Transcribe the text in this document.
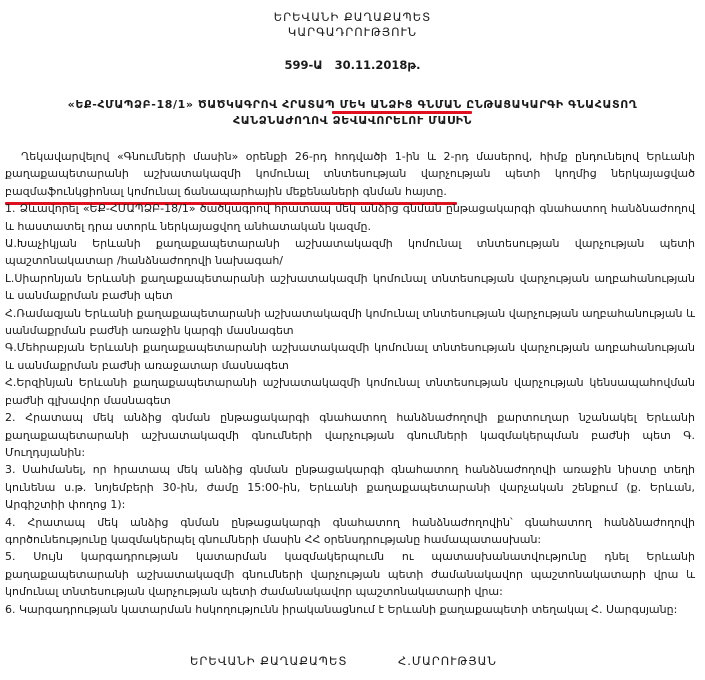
ԵՐԵՎԱՆԻ ՔԱՂԱՔԱՊԵՏ
ԿԱՐԳԱԴՐՈՒԹՅՈՒՆ
599-Ա   30.11.2018թ.
«ԵՔ-ՀՄԱՊՁԲ-18/1» ԾԱԾԿԱԳՐՈՎ ՀՐԱՏԱՊ ՄԵԿ ԱՆՁԻՑ ԳՆՄԱՆ ԸՆԹԱՑԱԿԱՐԳԻ ԳՆԱՀԱՏՈՂ
ՀԱՆՁՆԱԺՈՂՈՎ ՁԵՎԱՎՈՐԵԼՈՒ ՄԱՍԻՆ

Ղեկավարվելով «Գնումների մասին» օրենքի 26-րդ հոդվածի 1-ին և 2-րդ մասերով, հիմք ընդունելով Երևանի քաղաքապետարանի աշխատակազմի կոմունալ տնտեսության վարչության պետի կողմից ներկայացված բազմաֆունկցիոնալ կոմունալ ճանապարհային մեքենաների գնման հայտը.

1. Ձևավորել «ԵՔ-ՀՄԱՊՁԲ-18/1» ծածկագրով հրատապ մեկ անձից գնման ընթացակարգի գնահատող հանձնաժողով և հաստատել դրա ստորև ներկայացվող անհատական կազմը.

Ա.Խաչիկյան Երևանի քաղաքապետարանի աշխատակազմի կոմունալ տնտեսության վարչության պետի պաշտոնակատար /հանձնաժողովի նախագահ/

Լ.Սիարոնյան Երևանի քաղաքապետարանի աշխատակազմի կոմունալ տնտեսության վարչության աղբահանության և սանմաքրման բաժնի պետ

Հ.Ռամազյան Երևանի քաղաքապետարանի աշխատակազմի կոմունալ տնտեսության վարչության աղբահանության և սանմաքրման բաժնի առաջին կարգի մասնագետ

Գ.Մեհրաբյան Երևանի քաղաքապետարանի աշխատակազմի կոմունալ տնտեսության վարչության աղբահանության և սանմաքրման բաժնի առաջատար մասնագետ

Հ.Երզինյան Երևանի քաղաքապետարանի աշխատակազմի կոմունալ տնտեսության վարչության կենսապահովման բաժնի գլխավոր մասնագետ

2. Հրատապ մեկ անձից գնման ընթացակարգի գնահատող հանձնաժողովի քարտուղար նշանակել Երևանի քաղաքապետարանի աշխատակազմի գնումների վարչության գնումների կազմակերպման բաժնի պետ Գ. Մուղդսյանին:

3. Սահմանել, որ հրատապ մեկ անձից գնման ընթացակարգի գնահատող հանձնաժողովի առաջին նիստը տեղի կունենա ս.թ. նոյեմբերի 30-ին, ժամը 15:00-ին, Երևանի քաղաքապետարանի վարչական շենքում (ք. Երևան, Արգիշտիի փողոց 1):

4. Հրատապ մեկ անձից գնման ընթացակարգի գնահատող հանձնաժողովին՝ գնահատող հանձնաժողովի գործունեությունը կազմակերպել գնումների մասին ՀՀ օրենսդրությանը համապատասխան:

5. Սույն կարգադրության կատարման կազմակերպումն ու պատասխանատվությունը դնել Երևանի քաղաքապետարանի աշխատակազմի գնումների վարչության պետի ժամանակավոր պաշտոնակատարի վրա և կոմունալ տնտեսության վարչության պետի ժամանակավոր պաշտոնակատարի վրա:

6. Կարգադրության կատարման հսկողությունն իրականացնում է Երևանի քաղաքապետի տեղակալ Հ. Սարգսյանը:

ԵՐԵՎԱՆԻ ՔԱՂԱՔԱՊԵՏ	Հ.ՄԱՐՈՒԹՅԱՆ
